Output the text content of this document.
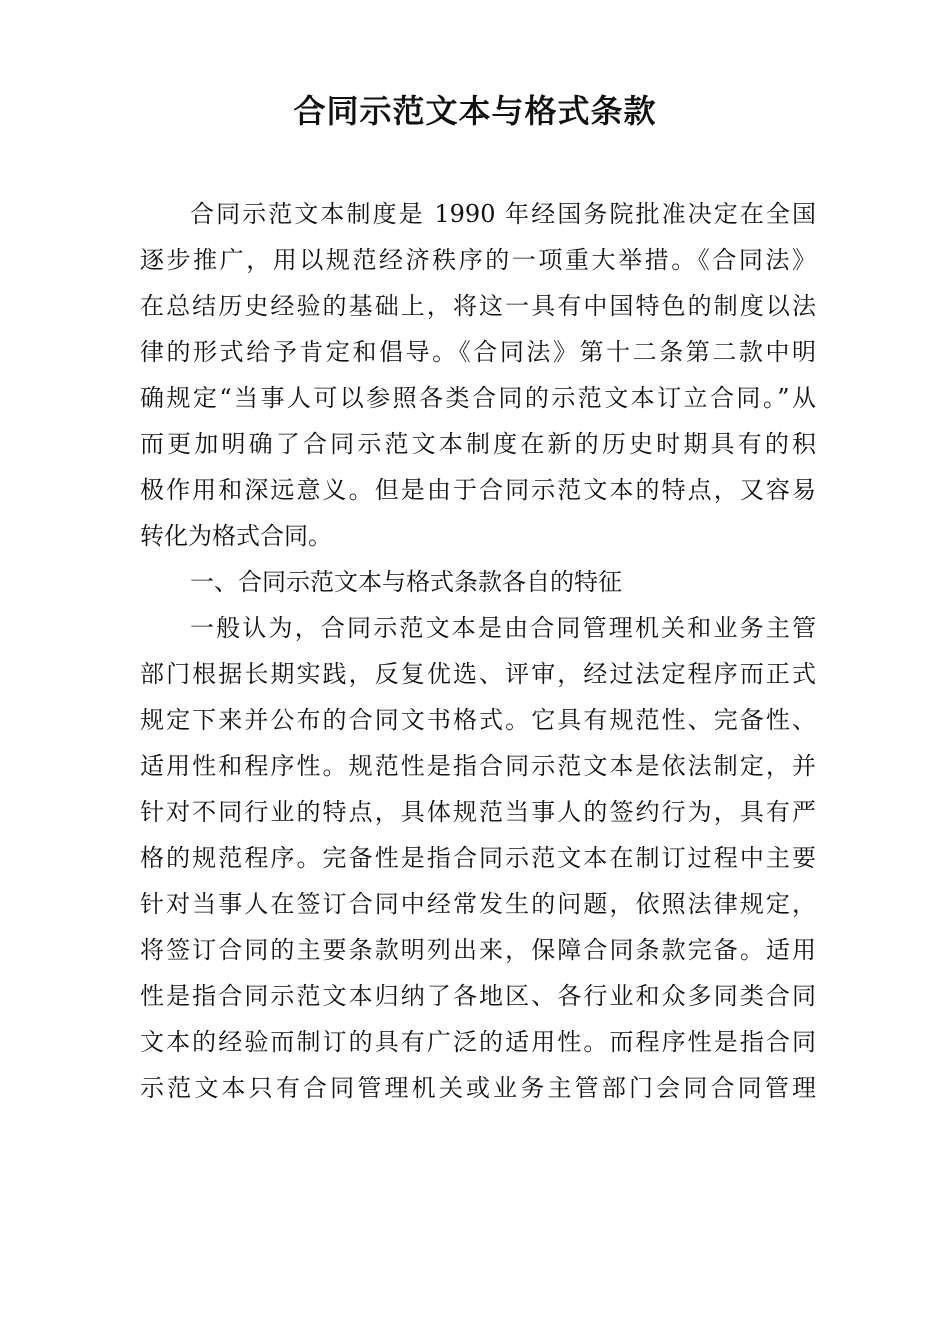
合同示范文本与格式条款
合同示范文本制度是 1990 年经国务院批准决定在全国
逐步推广，用以规范经济秩序的一项重大举措。《合同法》
在总结历史经验的基础上，将这一具有中国特色的制度以法
律的形式给予肯定和倡导。《合同法》第十二条第二款中明
确规定“当事人可以参照各类合同的示范文本订立合同。”从
而更加明确了合同示范文本制度在新的历史时期具有的积
极作用和深远意义。但是由于合同示范文本的特点，又容易
转化为格式合同。
一、合同示范文本与格式条款各自的特征
一般认为，合同示范文本是由合同管理机关和业务主管
部门根据长期实践，反复优选、评审，经过法定程序而正式
规定下来并公布的合同文书格式。它具有规范性、完备性、
适用性和程序性。规范性是指合同示范文本是依法制定，并
针对不同行业的特点，具体规范当事人的签约行为，具有严
格的规范程序。完备性是指合同示范文本在制订过程中主要
针对当事人在签订合同中经常发生的问题，依照法律规定，
将签订合同的主要条款明列出来，保障合同条款完备。适用
性是指合同示范文本归纳了各地区、各行业和众多同类合同
文本的经验而制订的具有广泛的适用性。而程序性是指合同
示范文本只有合同管理机关或业务主管部门会同合同管理
